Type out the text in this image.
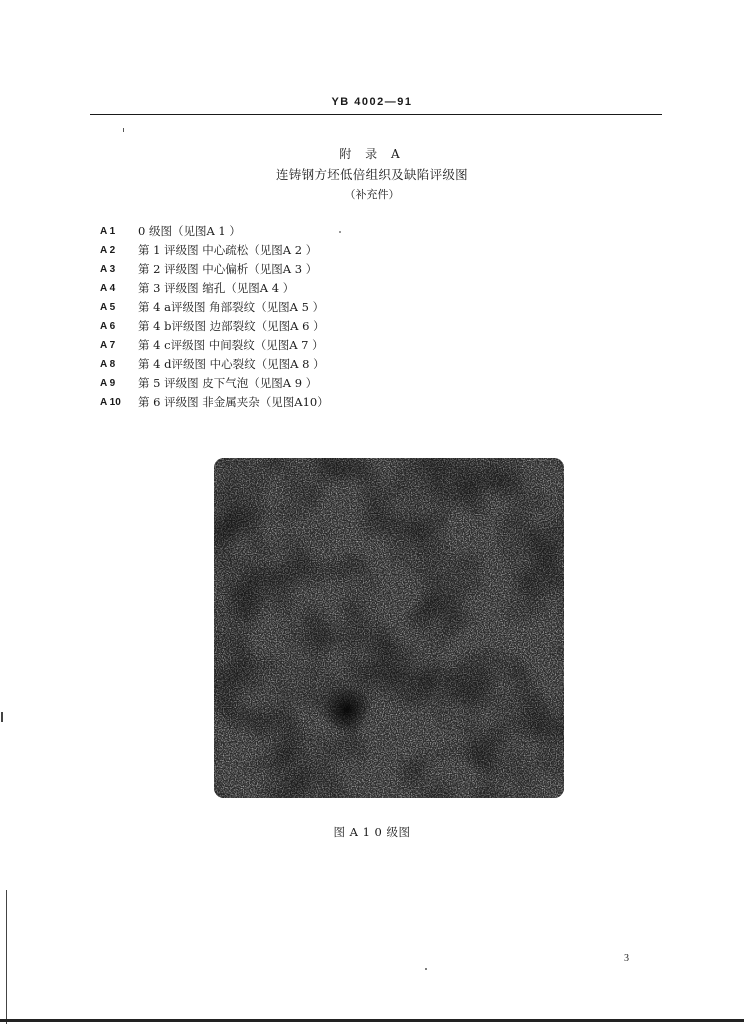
YB 4002—91
附 录 A
连铸钢方坯低倍组织及缺陷评级图
（补充件）
A 1 0 级图（见图A 1 ）
A 2 第 1 评级图 中心疏松（见图A 2 ）
A 3 第 2 评级图 中心偏析（见图A 3 ）
A 4 第 3 评级图 缩孔（见图A 4 ）
A 5 第 4 a评级图 角部裂纹（见图A 5 ）
A 6 第 4 b评级图 边部裂纹（见图A 6 ）
A 7 第 4 c评级图 中间裂纹（见图A 7 ）
A 8 第 4 d评级图 中心裂纹（见图A 8 ）
A 9 第 5 评级图 皮下气泡（见图A 9 ）
A 10 第 6 评级图 非金属夹杂（见图A10）
图 A 1 0 级图
3
